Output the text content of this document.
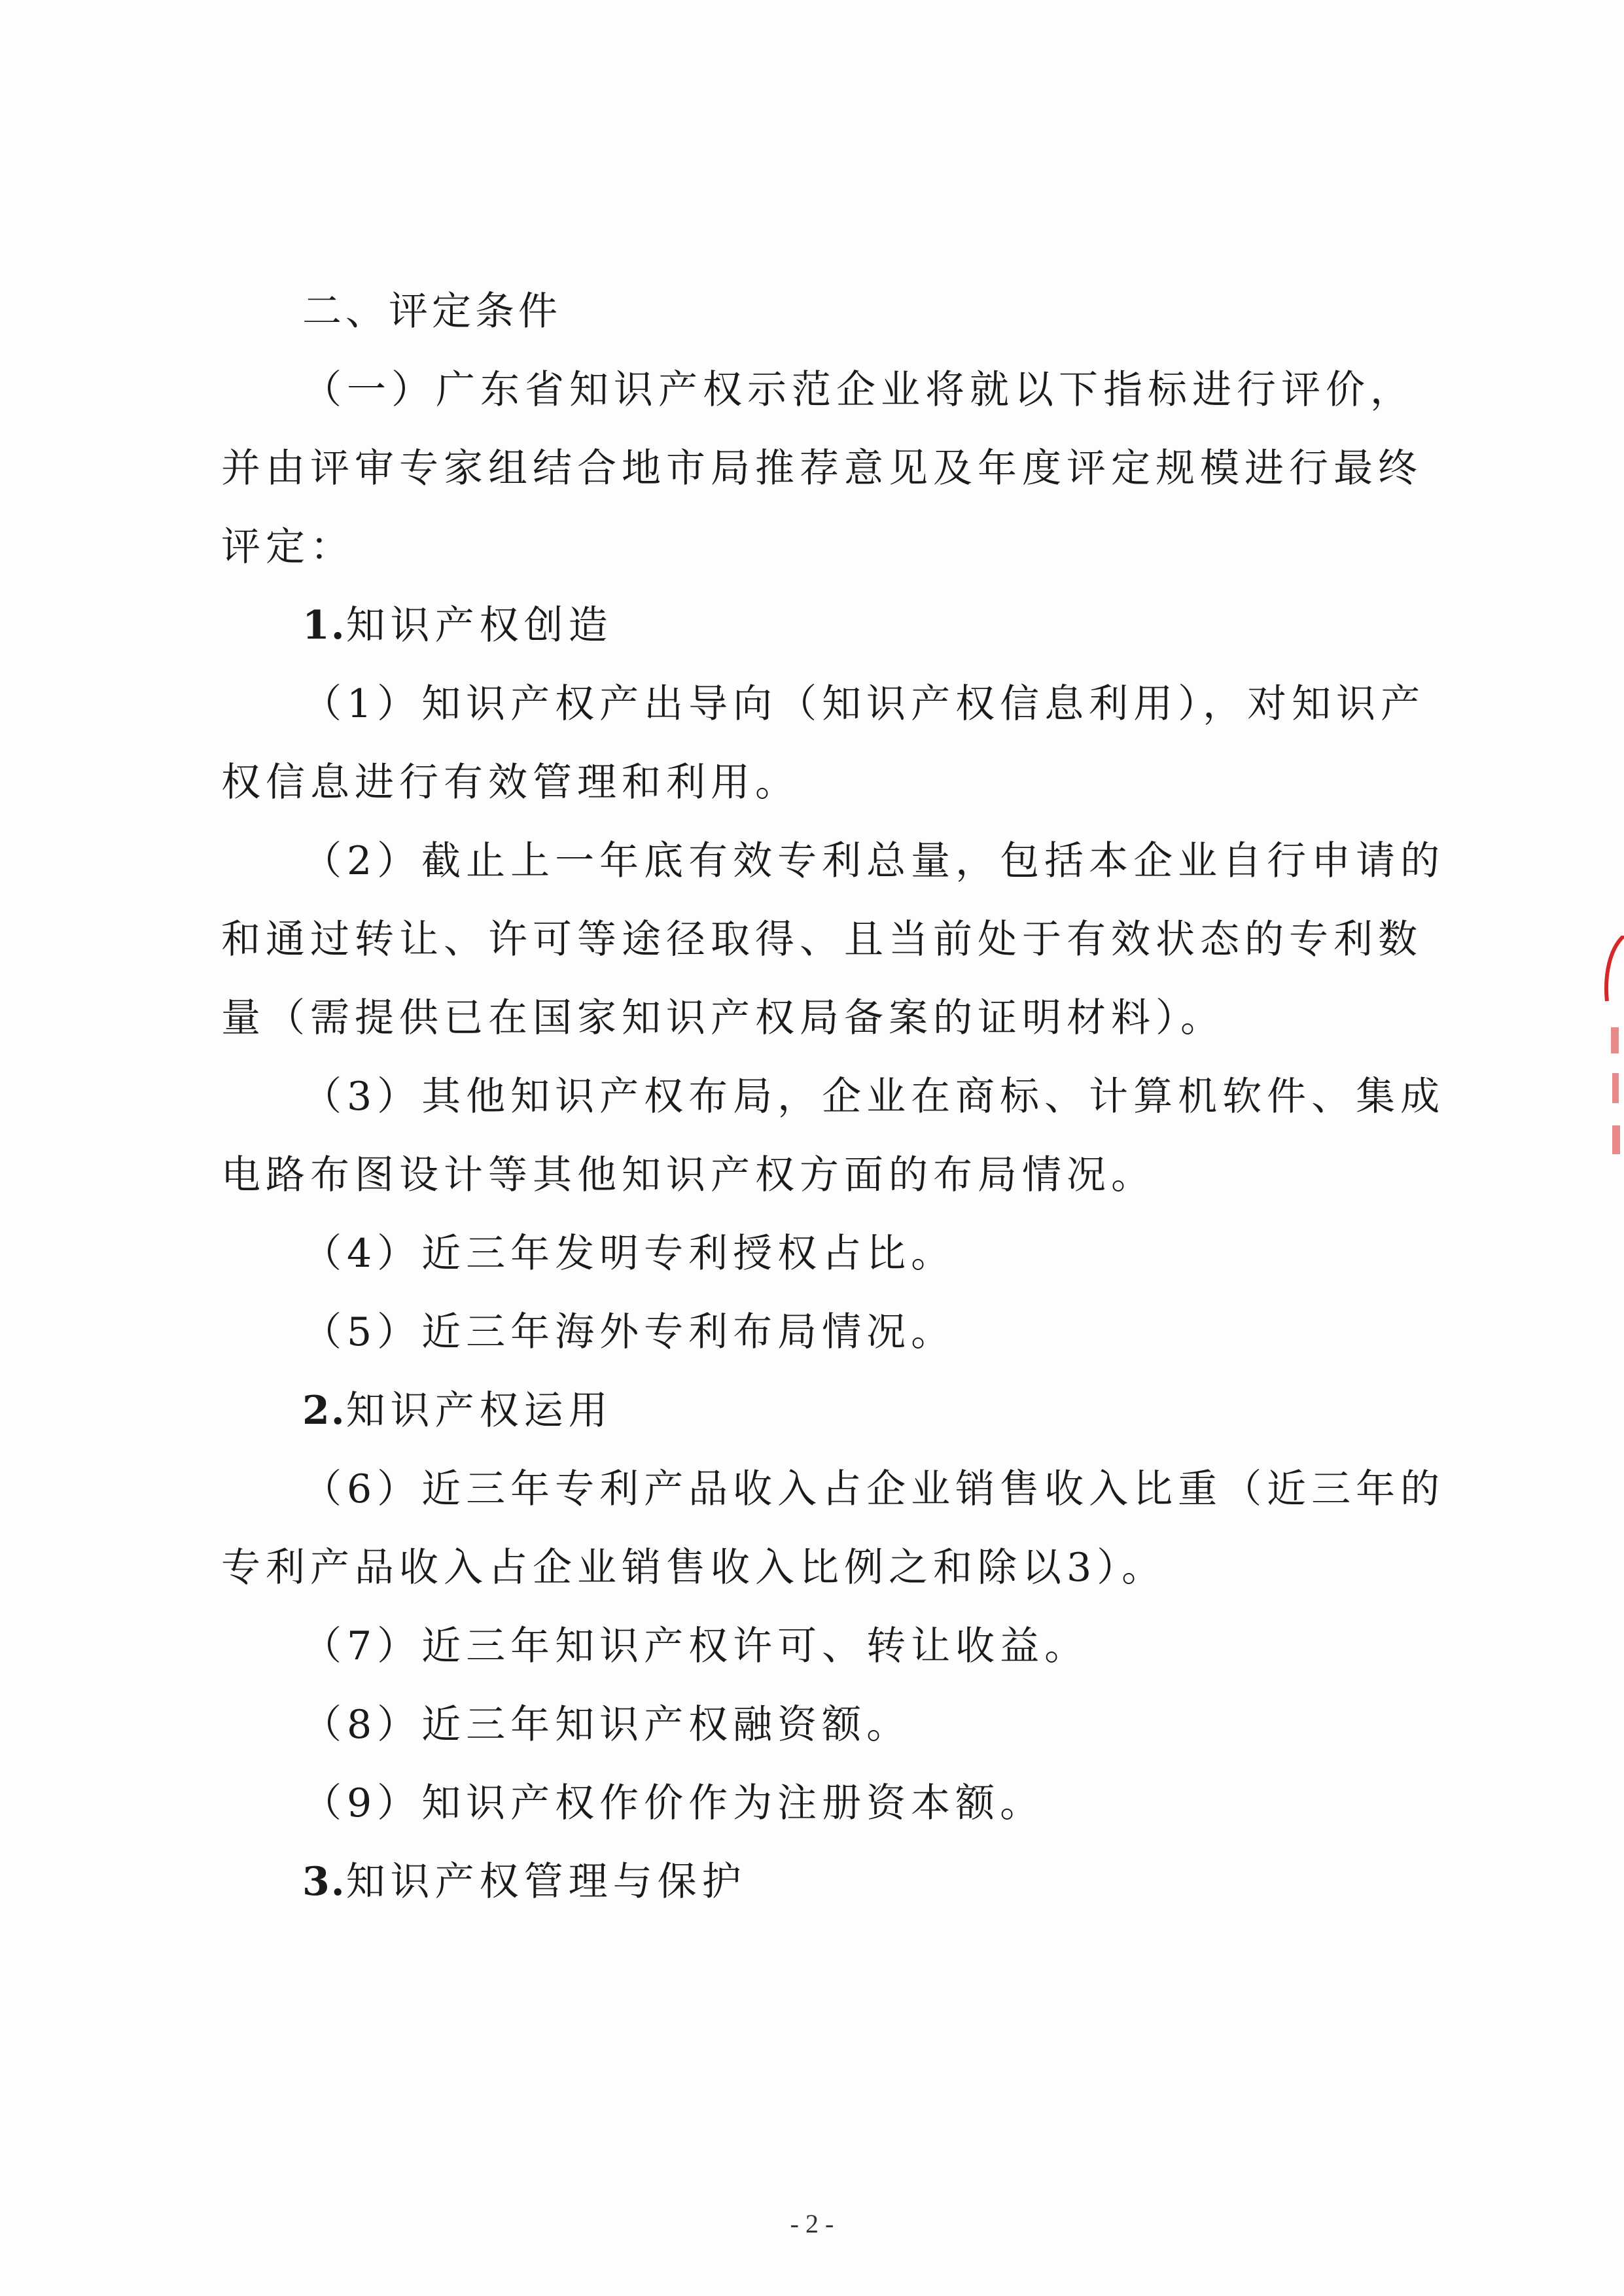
二、评定条件
（一）广东省知识产权示范企业将就以下指标进行评价，
并由评审专家组结合地市局推荐意见及年度评定规模进行最终
评定：
1.知识产权创造
（1）知识产权产出导向（知识产权信息利用），对知识产
权信息进行有效管理和利用。
（2）截止上一年底有效专利总量，包括本企业自行申请的
和通过转让、许可等途径取得、且当前处于有效状态的专利数
量（需提供已在国家知识产权局备案的证明材料）。
（3）其他知识产权布局，企业在商标、计算机软件、集成
电路布图设计等其他知识产权方面的布局情况。
（4）近三年发明专利授权占比。
（5）近三年海外专利布局情况。
2.知识产权运用
（6）近三年专利产品收入占企业销售收入比重（近三年的
专利产品收入占企业销售收入比例之和除以3）。
（7）近三年知识产权许可、转让收益。
（8）近三年知识产权融资额。
（9）知识产权作价作为注册资本额。
3.知识产权管理与保护
- 2 -
